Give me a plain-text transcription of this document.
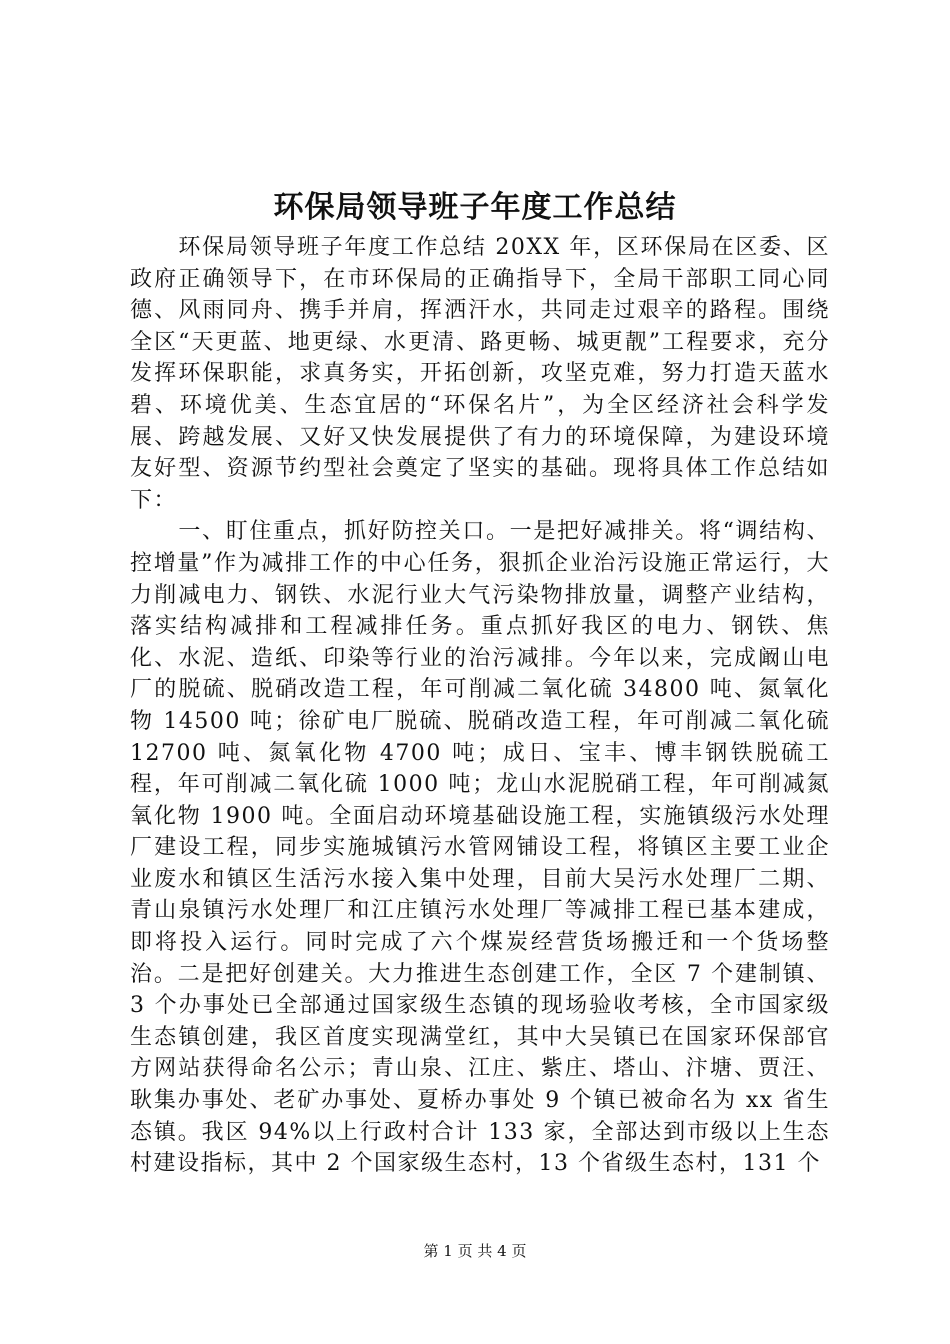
环保局领导班子年度工作总结

环保局领导班子年度工作总结 20XX 年，区环保局在区委、区政府正确领导下，在市环保局的正确指导下，全局干部职工同心同德、风雨同舟、携手并肩，挥洒汗水，共同走过艰辛的路程。围绕全区“天更蓝、地更绿、水更清、路更畅、城更靓”工程要求，充分发挥环保职能，求真务实，开拓创新，攻坚克难，努力打造天蓝水碧、环境优美、生态宜居的“环保名片”，为全区经济社会科学发展、跨越发展、又好又快发展提供了有力的环境保障，为建设环境友好型、资源节约型社会奠定了坚实的基础。现将具体工作总结如下：

一、盯住重点，抓好防控关口。一是把好减排关。将“调结构、控增量”作为减排工作的中心任务，狠抓企业治污设施正常运行，大力削减电力、钢铁、水泥行业大气污染物排放量，调整产业结构，落实结构减排和工程减排任务。重点抓好我区的电力、钢铁、焦化、水泥、造纸、印染等行业的治污减排。今年以来，完成阚山电厂的脱硫、脱硝改造工程，年可削减二氧化硫 34800 吨、氮氧化物 14500 吨；徐矿电厂脱硫、脱硝改造工程，年可削减二氧化硫 12700 吨、氮氧化物 4700 吨；成日、宝丰、博丰钢铁脱硫工程，年可削减二氧化硫 1000 吨；龙山水泥脱硝工程，年可削减氮氧化物 1900 吨。全面启动环境基础设施工程，实施镇级污水处理厂建设工程，同步实施城镇污水管网铺设工程，将镇区主要工业企业废水和镇区生活污水接入集中处理，目前大吴污水处理厂二期、青山泉镇污水处理厂和江庄镇污水处理厂等减排工程已基本建成，即将投入运行。同时完成了六个煤炭经营货场搬迁和一个货场整治。二是把好创建关。大力推进生态创建工作，全区 7 个建制镇、3 个办事处已全部通过国家级生态镇的现场验收考核，全市国家级生态镇创建，我区首度实现满堂红，其中大吴镇已在国家环保部官方网站获得命名公示；青山泉、江庄、紫庄、塔山、汴塘、贾汪、耿集办事处、老矿办事处、夏桥办事处 9 个镇已被命名为 xx 省生态镇。我区 94%以上行政村合计 133 家，全部达到市级以上生态村建设指标，其中 2 个国家级生态村，13 个省级生态村，131 个

第 1 页 共 4 页
